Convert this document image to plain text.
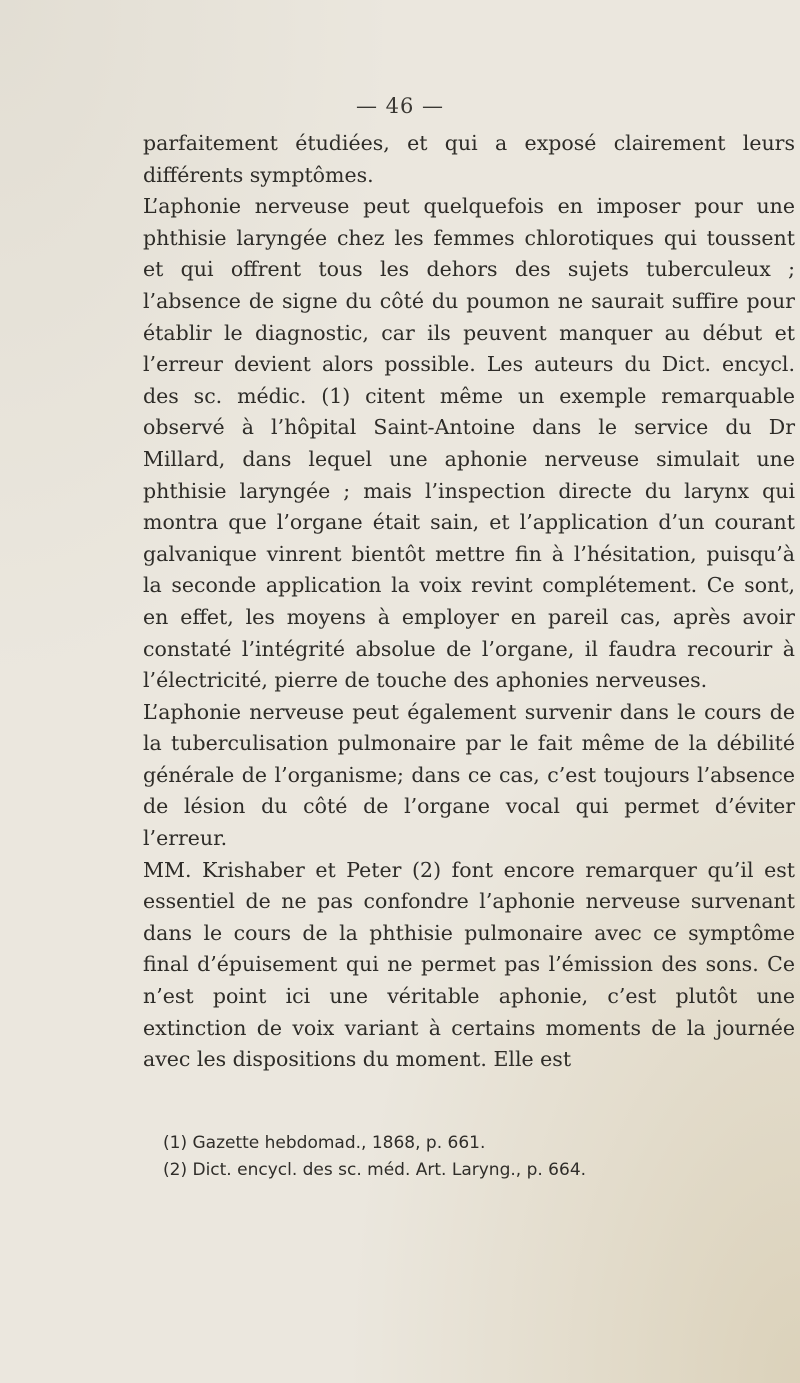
— 46 —

parfaitement étudiées, et qui a exposé clairement leurs différents symptômes.

L’aphonie nerveuse peut quelquefois en imposer pour une phthisie laryngée chez les femmes chlorotiques qui toussent et qui offrent tous les dehors des sujets tuberculeux ; l’absence de signe du côté du poumon ne saurait suffire pour établir le diagnostic, car ils peuvent manquer au début et l’erreur devient alors possible. Les auteurs du Dict. encycl. des sc. médic. (1) citent même un exemple remarquable observé à l’hôpital Saint-Antoine dans le service du Dr Millard, dans lequel une aphonie nerveuse simulait une phthisie laryngée ; mais l’inspection directe du larynx qui montra que l’organe était sain, et l’application d’un courant galvanique vinrent bientôt mettre fin à l’hésitation, puisqu’à la seconde application la voix revint complétement. Ce sont, en effet, les moyens à employer en pareil cas, après avoir constaté l’intégrité absolue de l’organe, il faudra recourir à l’électricité, pierre de touche des aphonies nerveuses.

L’aphonie nerveuse peut également survenir dans le cours de la tuberculisation pulmonaire par le fait même de la débilité générale de l’organisme; dans ce cas, c’est toujours l’absence de lésion du côté de l’organe vocal qui permet d’éviter l’erreur.

MM. Krishaber et Peter (2) font encore remarquer qu’il est essentiel de ne pas confondre l’aphonie nerveuse survenant dans le cours de la phthisie pulmonaire avec ce symptôme final d’épuisement qui ne permet pas l’émission des sons. Ce n’est point ici une véritable aphonie, c’est plutôt une extinction de voix variant à certains moments de la journée avec les dispositions du moment. Elle est

(1) Gazette hebdomad., 1868, p. 661.
(2) Dict. encycl. des sc. méd. Art. Laryng., p. 664.
